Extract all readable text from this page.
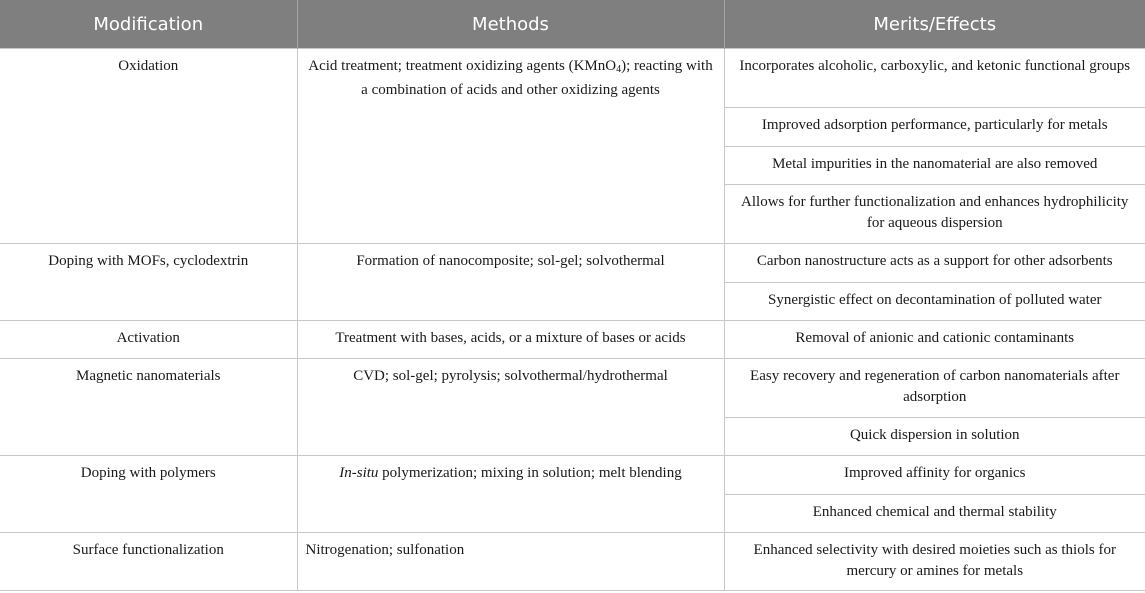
Modification	Methods	Merits/Effects
Oxidation	Acid treatment; treatment oxidizing agents (KMnO$_4$); reacting with a combination of acids and other oxidizing agents	Incorporates alcoholic, carboxylic, and ketonic functional groups
		Improved adsorption performance, particularly for metals
		Metal impurities in the nanomaterial are also removed
		Allows for further functionalization and enhances hydrophilicity for aqueous dispersion
Doping with MOFs, cyclodextrin	Formation of nanocomposite; sol-gel; solvothermal	Carbon nanostructure acts as a support for other adsorbents
		Synergistic effect on decontamination of polluted water
Activation	Treatment with bases, acids, or a mixture of bases or acids	Removal of anionic and cationic contaminants
Magnetic nanomaterials	CVD; sol-gel; pyrolysis; solvothermal/hydrothermal	Easy recovery and regeneration of carbon nanomaterials after adsorption
		Quick dispersion in solution
Doping with polymers	In-situ polymerization; mixing in solution; melt blending	Improved affinity for organics
		Enhanced chemical and thermal stability
Surface functionalization	Nitrogenation; sulfonation	Enhanced selectivity with desired moieties such as thiols for mercury or amines for metals
